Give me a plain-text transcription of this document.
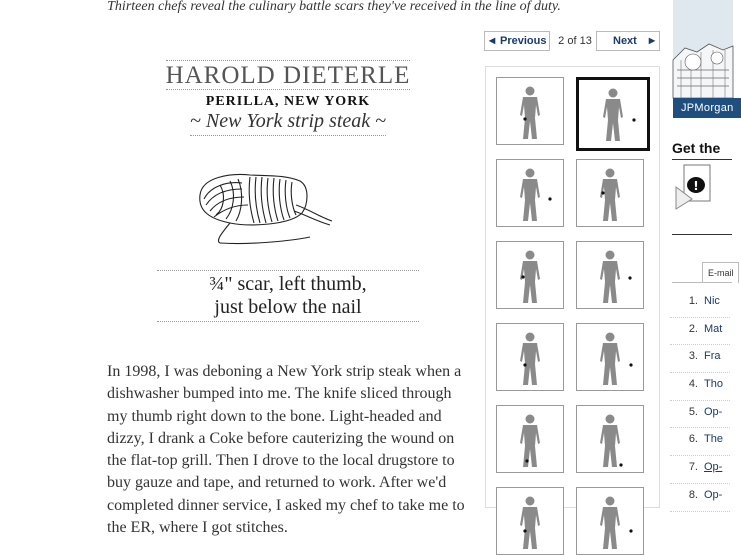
Thirteen chefs reveal the culinary battle scars they've received in the line of duty.
◀ Previous 2 of 13 Next ▶
HAROLD DIETERLE
PERILLA, NEW YORK
~ New York strip steak ~
¾" scar, left thumb,
just below the nail

In 1998, I was deboning a New York strip steak when a dishwasher bumped into me. The knife sliced through my thumb right down to the bone. Light-headed and dizzy, I drank a Coke before cauterizing the wound on the flat-top grill. Then I drove to the local drugstore to buy gauze and tape, and returned to work. After we'd completed dinner service, I asked my chef to take me to the ER, where I got stitches.

JPMorgan
Get the
!
E-mail
1. Nic
2. Mat
3. Fra
4. Tho
5. Op-
6. The
7. Op-
8. Op-
